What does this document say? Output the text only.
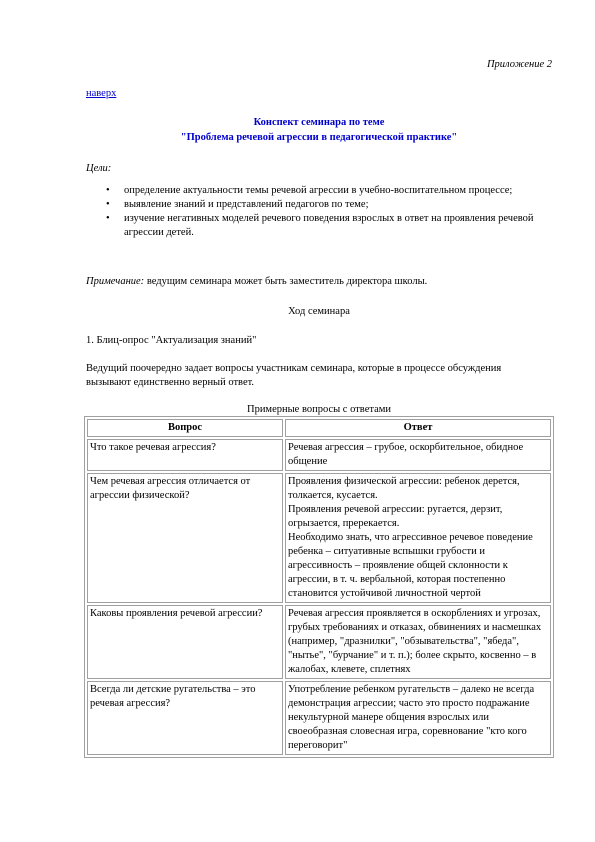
Приложение 2
наверх
Конспект семинара по теме
"Проблема речевой агрессии в педагогической практике"
Цели:
• определение актуальности темы речевой агрессии в учебно-воспитательном процессе;
• выявление знаний и представлений педагогов по теме;
• изучение негативных моделей речевого поведения взрослых в ответ на проявления речевой агрессии детей.
Примечание: ведущим семинара может быть заместитель директора школы.
Ход семинара
1. Блиц-опрос "Актуализация знаний"
Ведущий поочередно задает вопросы участникам семинара, которые в процессе обсуждения вызывают единственно верный ответ.
Примерные вопросы с ответами
Вопрос	Ответ
Что такое речевая агрессия?	Речевая агрессия – грубое, оскорбительное, обидное общение

Чем речевая агрессия отличается от агрессии физической?	Проявления физической агрессии: ребенок дерется, толкается, кусается.
Проявления речевой агрессии: ругается, дерзит, огрызается, пререкается.
Необходимо знать, что агрессивное речевое поведение ребенка – ситуативные вспышки грубости и агрессивность – проявление общей склонности к агрессии, в т. ч. вербальной, которая постепенно становится устойчивой личностной чертой

Каковы проявления речевой агрессии?	Речевая агрессия проявляется в оскорблениях и угрозах, грубых требованиях и отказах, обвинениях и насмешках (например, "дразнилки", "обзывательства", "ябеда", "нытье", "бурчание" и т. п.); более скрыто, косвенно – в жалобах, клевете, сплетнях

Всегда ли детские ругательства – это речевая агрессия?	Употребление ребенком ругательств – далеко не всегда демонстрация агрессии; часто это просто подражание некультурной манере общения взрослых или своеобразная словесная игра, соревнование "кто кого переговорит"
